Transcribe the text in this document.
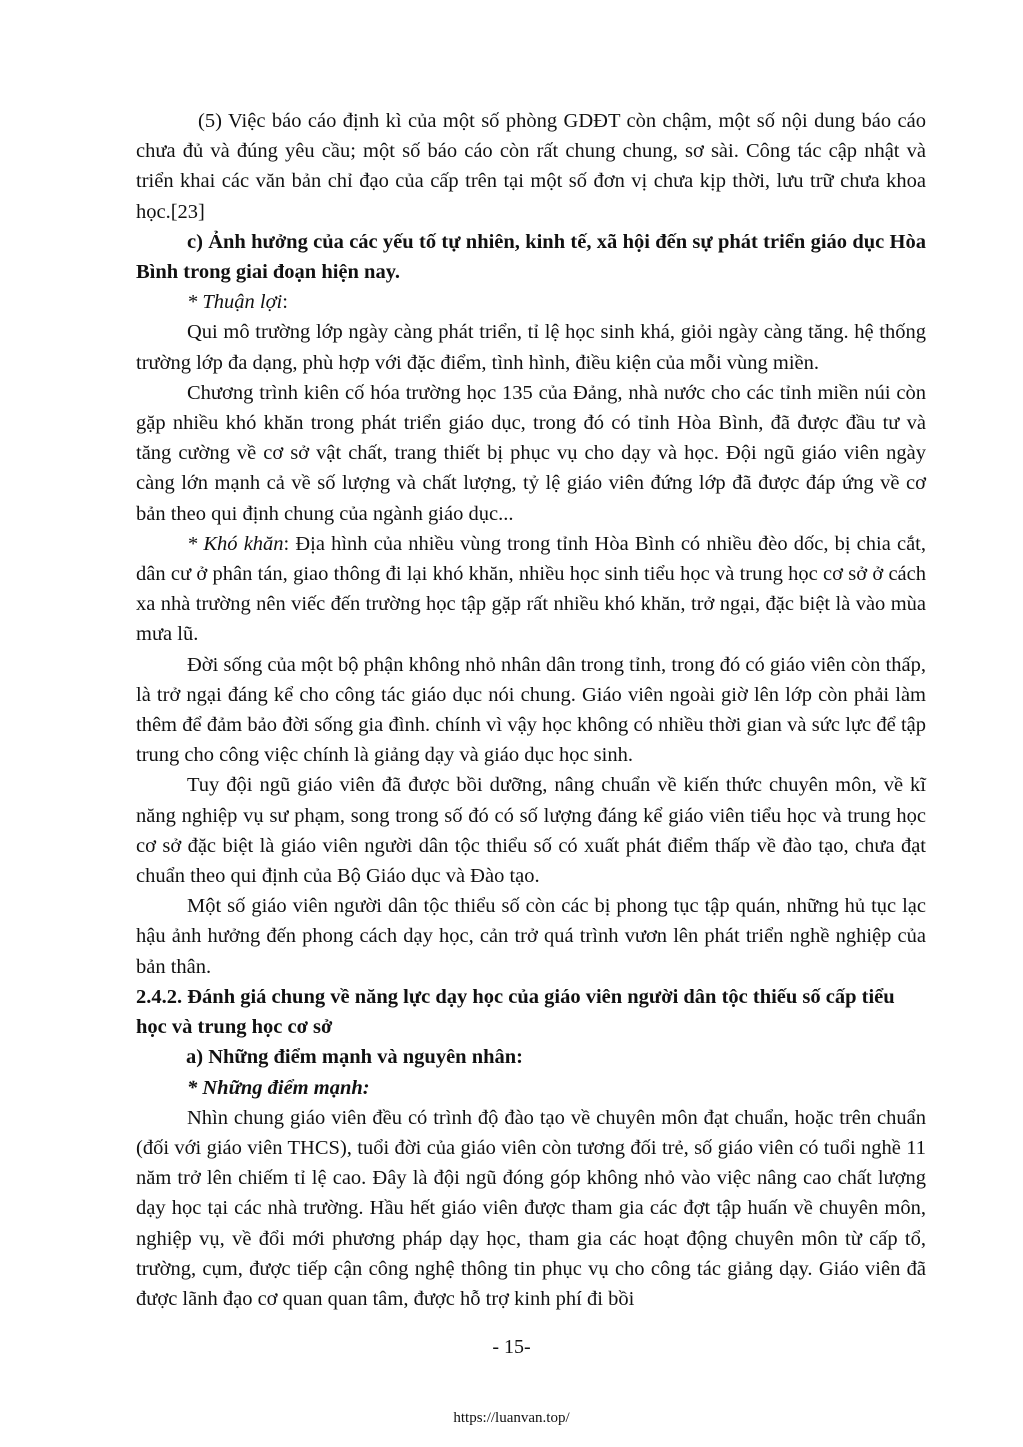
(5) Việc báo cáo định kì của một số phòng GDĐT còn chậm, một số nội dung báo cáo chưa đủ và đúng yêu cầu; một số báo cáo còn rất chung chung, sơ sài. Công tác cập nhật và triển khai các văn bản chỉ đạo của cấp trên tại một số đơn vị chưa kịp thời, lưu trữ chưa khoa học.[23]

c) Ảnh hưởng của các yếu tố tự nhiên, kinh tế, xã hội đến sự phát triển giáo dục Hòa Bình trong giai đoạn hiện nay.

* Thuận lợi:

Qui mô trường lớp ngày càng phát triển, tỉ lệ học sinh khá, giỏi ngày càng tăng. hệ thống trường lớp đa dạng, phù hợp với đặc điểm, tình hình, điều kiện của mỗi vùng miền.

Chương trình kiên cố hóa trường học 135 của Đảng, nhà nước cho các tỉnh miền núi còn gặp nhiều khó khăn trong phát triển giáo dục, trong đó có tỉnh Hòa Bình, đã được đầu tư và tăng cường về cơ sở vật chất, trang thiết bị phục vụ cho dạy và học. Đội ngũ giáo viên ngày càng lớn mạnh cả về số lượng và chất lượng, tỷ lệ giáo viên đứng lớp đã được đáp ứng về cơ bản theo qui định chung của ngành giáo dục...

* Khó khăn: Địa hình của nhiều vùng trong tỉnh Hòa Bình có nhiều đèo dốc, bị chia cắt, dân cư ở phân tán, giao thông đi lại khó khăn, nhiều học sinh tiểu học và trung học cơ sở ở cách xa nhà trường nên viếc đến trường học tập gặp rất nhiều khó khăn, trở ngại, đặc biệt là vào mùa mưa lũ.

Đời sống của một bộ phận không nhỏ nhân dân trong tỉnh, trong đó có giáo viên còn thấp, là trở ngại đáng kể cho công tác giáo dục nói chung. Giáo viên ngoài giờ lên lớp còn phải làm thêm để đảm bảo đời sống gia đình. chính vì vậy học không có nhiều thời gian và sức lực để tập trung cho công việc chính là giảng dạy và giáo dục học sinh.

Tuy đội ngũ giáo viên đã được bồi dưỡng, nâng chuẩn về kiến thức chuyên môn, về kĩ năng nghiệp vụ sư phạm, song trong số đó có số lượng đáng kể giáo viên tiểu học và trung học cơ sở đặc biệt là giáo viên người dân tộc thiểu số có xuất phát điểm thấp về đào tạo, chưa đạt chuẩn theo qui định của Bộ Giáo dục và Đào tạo.

Một số giáo viên người dân tộc thiểu số còn các bị phong tục tập quán, những hủ tục lạc hậu ảnh hưởng đến phong cách dạy học, cản trở quá trình vươn lên phát triển nghề nghiệp của bản thân.

2.4.2. Đánh giá chung về năng lực dạy học của giáo viên người dân tộc thiếu số cấp tiểu học và trung học cơ sở

a) Những điểm mạnh và nguyên nhân:

* Những điểm mạnh:

Nhìn chung giáo viên đều có trình độ đào tạo về chuyên môn đạt chuẩn, hoặc trên chuẩn (đối với giáo viên THCS), tuổi đời của giáo viên còn tương đối trẻ, số giáo viên có tuổi nghề 11 năm trở lên chiếm tỉ lệ cao. Đây là đội ngũ đóng góp không nhỏ vào việc nâng cao chất lượng dạy học tại các nhà trường. Hầu hết giáo viên được tham gia các đợt tập huấn về chuyên môn, nghiệp vụ, về đổi mới phương pháp dạy học, tham gia các hoạt động chuyên môn từ cấp tổ, trường, cụm, được tiếp cận công nghệ thông tin phục vụ cho công tác giảng dạy. Giáo viên đã được lãnh đạo cơ quan quan tâm, được hỗ trợ kinh phí đi bồi

- 15-
https://luanvan.top/
